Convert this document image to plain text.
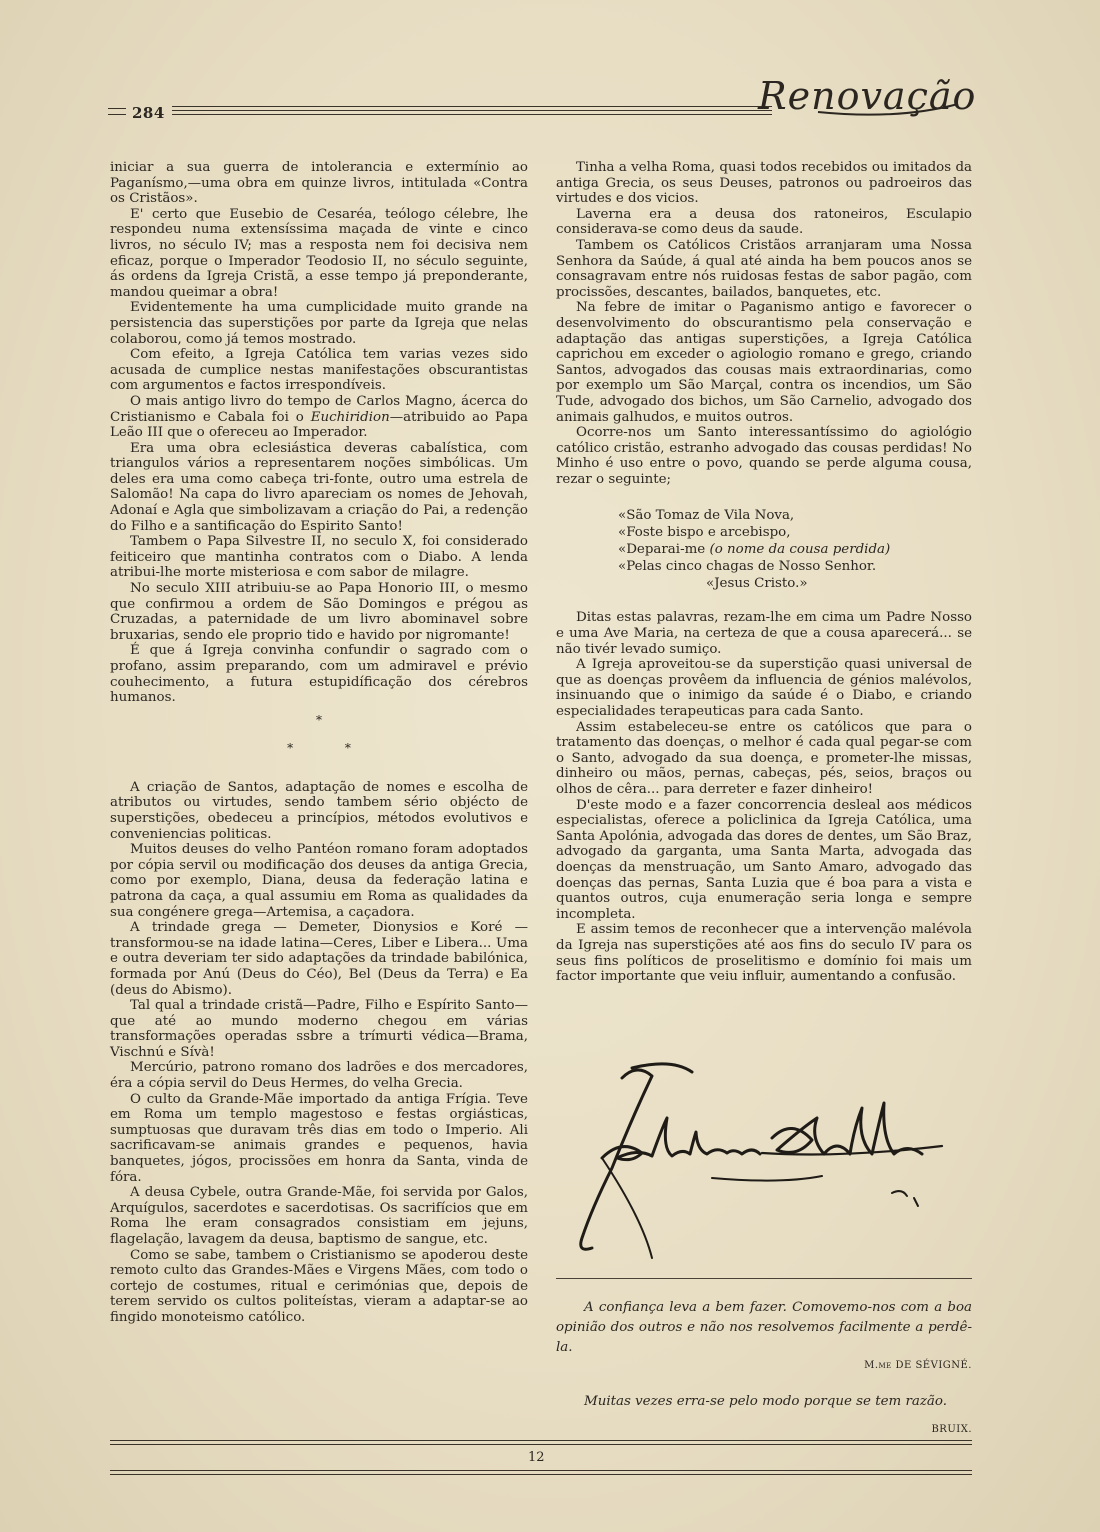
284	Renovação

iniciar a sua guerra de intolerancia e extermínio ao Paganísmo,—uma obra em quinze livros, intitulada «Contra os Cristãos».

E' certo que Eusebio de Cesaréa, teólogo célebre, lhe respondeu numa extensíssima maçada de vinte e cinco livros, no século IV; mas a resposta nem foi decisiva nem eficaz, porque o Imperador Teodosio II, no século seguinte, ás ordens da Igreja Cristã, a esse tempo já preponderante, mandou queimar a obra!

Evidentemente ha uma cumplicidade muito grande na persistencia das superstições por parte da Igreja que nelas colaborou, como já temos mostrado.

Com efeito, a Igreja Católica tem varias vezes sido acusada de cumplice nestas manifestações obscurantistas com argumentos e factos irrespondíveis.

O mais antigo livro do tempo de Carlos Magno, ácerca do Cristianismo e Cabala foi o Euchiridion—atribuido ao Papa Leão III que o ofereceu ao Imperador.

Era uma obra eclesiástica deveras cabalística, com triangulos vários a representarem noções simbólicas. Um deles era uma como cabeça tri-fonte, outro uma estrela de Salomão! Na capa do livro apareciam os nomes de Jehovah, Adonaí e Agla que simbolizavam a criação do Pai, a redenção do Filho e a santificação do Espirito Santo!

Tambem o Papa Silvestre II, no seculo X, foi considerado feiticeiro que mantinha contratos com o Diabo. A lenda atribui-lhe morte misteriosa e com sabor de milagre.

No seculo XIII atribuiu-se ao Papa Honorio III, o mesmo que confirmou a ordem de São Domingos e prégou as Cruzadas, a paternidade de um livro abominavel sobre bruxarias, sendo ele proprio tido e havido por nigromante!

É que á Igreja convinha confundir o sagrado com o profano, assim preparando, com um admiravel e prévio couhecimento, a futura estupidíficação dos cérebros humanos.

*
* *

A criação de Santos, adaptação de nomes e escolha de atributos ou virtudes, sendo tambem sério objécto de superstições, obedeceu a princípios, métodos evolutivos e conveniencias politicas.

Muitos deuses do velho Pantéon romano foram adoptados por cópia servil ou modificação dos deuses da antiga Grecia, como por exemplo, Diana, deusa da federação latina e patrona da caça, a qual assumiu em Roma as qualidades da sua congénere grega—Artemisa, a caçadora.

A trindade grega — Demeter, Dionysios e Koré — transformou-se na idade latina—Ceres, Liber e Libera... Uma e outra deveriam ter sido adaptações da trindade babilónica, formada por Anú (Deus do Céo), Bel (Deus da Terra) e Ea (deus do Abismo).

Tal qual a trindade cristã—Padre, Filho e Espírito Santo—que até ao mundo moderno chegou em várias transformações operadas ssbre a trímurti védica—Brama, Vischnú e Sívà!

Mercúrio, patrono romano dos ladrões e dos mercadores, éra a cópia servil do Deus Hermes, do velha Grecia.

O culto da Grande-Mãe importado da antiga Frígia. Teve em Roma um templo magestoso e festas orgiásticas, sumptuosas que duravam três dias em todo o Imperio. Ali sacrificavam-se animais grandes e pequenos, havia banquetes, jógos, procissões em honra da Santa, vinda de fóra.

A deusa Cybele, outra Grande-Mãe, foi servida por Galos, Arquígulos, sacerdotes e sacerdotisas. Os sacrifícios que em Roma lhe eram consagrados consistiam em jejuns, flagelação, lavagem da deusa, baptismo de sangue, etc.

Como se sabe, tambem o Cristianismo se apoderou deste remoto culto das Grandes-Mães e Virgens Mães, com todo o cortejo de costumes, ritual e cerimónias que, depois de terem servido os cultos politeístas, vieram a adaptar-se ao fingido monoteismo católico.

Tinha a velha Roma, quasi todos recebidos ou imitados da antiga Grecia, os seus Deuses, patronos ou padroeiros das virtudes e dos vicios.

Laverna era a deusa dos ratoneiros, Esculapio considerava-se como deus da saude.

Tambem os Católicos Cristãos arranjaram uma Nossa Senhora da Saúde, á qual até ainda ha bem poucos anos se consagravam entre nós ruidosas festas de sabor pagão, com procissões, descantes, bailados, banquetes, etc.

Na febre de imitar o Paganismo antigo e favorecer o desenvolvimento do obscurantismo pela conservação e adaptação das antigas superstições, a Igreja Católica caprichou em exceder o agiologio romano e grego, criando Santos, advogados das cousas mais extraordinarias, como por exemplo um São Marçal, contra os incendios, um São Tude, advogado dos bichos, um São Carnelio, advogado dos animais galhudos, e muitos outros.

Ocorre-nos um Santo interessantíssimo do agiológio católico cristão, estranho advogado das cousas perdidas! No Minho é uso entre o povo, quando se perde alguma cousa, rezar o seguinte;

«São Tomaz de Vila Nova,
«Foste bispo e arcebispo,
«Deparai-me (o nome da cousa perdida)
«Pelas cinco chagas de Nosso Senhor.
«Jesus Cristo.»

Ditas estas palavras, rezam-lhe em cima um Padre Nosso e uma Ave Maria, na certeza de que a cousa aparecerá... se não tivér levado sumiço.

A Igreja aproveitou-se da superstição quasi universal de que as doenças provêem da influencia de génios malévolos, insinuando que o inimigo da saúde é o Diabo, e criando especialidades terapeuticas para cada Santo.

Assim estabeleceu-se entre os católicos que para o tratamento das doenças, o melhor é cada qual pegar-se com o Santo, advogado da sua doença, e prometer-lhe missas, dinheiro ou mãos, pernas, cabeças, pés, seios, braços ou olhos de cêra... para derreter e fazer dinheiro!

D'este modo e a fazer concorrencia desleal aos médicos especialistas, oferece a policlinica da Igreja Católica, uma Santa Apolónia, advogada das dores de dentes, um São Braz, advogado da garganta, uma Santa Marta, advogada das doenças da menstruação, um Santo Amaro, advogado das doenças das pernas, Santa Luzia que é boa para a vista e quantos outros, cuja enumeração seria longa e sempre incompleta.

E assim temos de reconhecer que a intervenção malévola da Igreja nas superstições até aos fins do seculo IV para os seus fins políticos de proselitismo e domínio foi mais um factor importante que veiu influir, aumentando a confusão.

A confiança leva a bem fazer. Comovemo-nos com a boa opinião dos outros e não nos resolvemos facilmente a perdê-la.
M.me DE SÉVIGNÉ.
Muitas vezes erra-se pelo modo porque se tem razão.
BRUIX.
12
